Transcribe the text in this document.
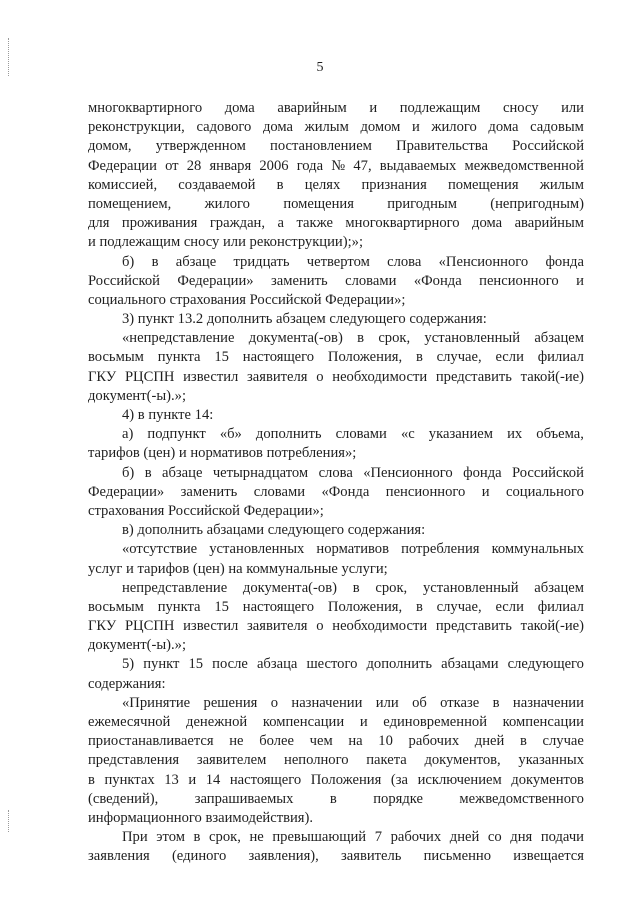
5
многоквартирного дома аварийным и подлежащим сносу или
реконструкции, садового дома жилым домом и жилого дома садовым
домом, утвержденном постановлением Правительства Российской
Федерации от 28 января 2006 года № 47, выдаваемых межведомственной
комиссией, создаваемой в целях признания помещения жилым
помещением, жилого помещения пригодным (непригодным)
для проживания граждан, а также многоквартирного дома аварийным
и подлежащим сносу или реконструкции);»;
б) в абзаце тридцать четвертом слова «Пенсионного фонда
Российской Федерации» заменить словами «Фонда пенсионного и
социального страхования Российской Федерации»;
3) пункт 13.2 дополнить абзацем следующего содержания:
«непредставление документа(-ов) в срок, установленный абзацем
восьмым пункта 15 настоящего Положения, в случае, если филиал
ГКУ РЦСПН известил заявителя о необходимости представить такой(-ие)
документ(-ы).»;
4) в пункте 14:
а) подпункт «б» дополнить словами «с указанием их объема,
тарифов (цен) и нормативов потребления»;
б) в абзаце четырнадцатом слова «Пенсионного фонда Российской
Федерации» заменить словами «Фонда пенсионного и социального
страхования Российской Федерации»;
в) дополнить абзацами следующего содержания:
«отсутствие установленных нормативов потребления коммунальных
услуг и тарифов (цен) на коммунальные услуги;
непредставление документа(-ов) в срок, установленный абзацем
восьмым пункта 15 настоящего Положения, в случае, если филиал
ГКУ РЦСПН известил заявителя о необходимости представить такой(-ие)
документ(-ы).»;
5) пункт 15 после абзаца шестого дополнить абзацами следующего
содержания:
«Принятие решения о назначении или об отказе в назначении
ежемесячной денежной компенсации и единовременной компенсации
приостанавливается не более чем на 10 рабочих дней в случае
представления заявителем неполного пакета документов, указанных
в пунктах 13 и 14 настоящего Положения (за исключением документов
(сведений), запрашиваемых в порядке межведомственного
информационного взаимодействия).
При этом в срок, не превышающий 7 рабочих дней со дня подачи
заявления (единого заявления), заявитель письменно извещается
